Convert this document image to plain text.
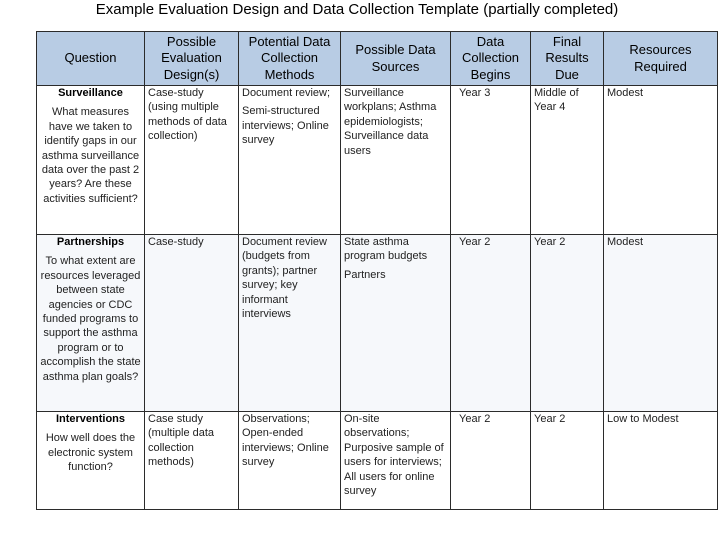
Example Evaluation Design and Data Collection Template (partially completed)
Question	Possible Evaluation Design(s)	Potential Data Collection Methods	Possible Data Sources	Data Collection Begins	Final Results Due	Resources Required

Surveillance
What measures have we taken to identify gaps in our asthma surveillance data over the past 2 years? Are these activities sufficient?	Case-study (using multiple methods of data collection)	Document review;
Semi-structured interviews; Online survey	Surveillance workplans; Asthma epidemiologists; Surveillance data users	Year 3	Middle of Year 4	Modest

Partnerships
To what extent are resources leveraged between state agencies or CDC funded programs to support the asthma program or to accomplish the state asthma plan goals?	Case-study	Document review (budgets from grants); partner survey; key informant interviews	State asthma program budgets
Partners	Year 2	Year 2	Modest

Interventions
How well does the electronic system function?	Case study (multiple data collection methods)	Observations; Open-ended interviews; Online survey	On-site observations; Purposive sample of users for interviews; All users for online survey	Year 2	Year 2	Low to Modest
